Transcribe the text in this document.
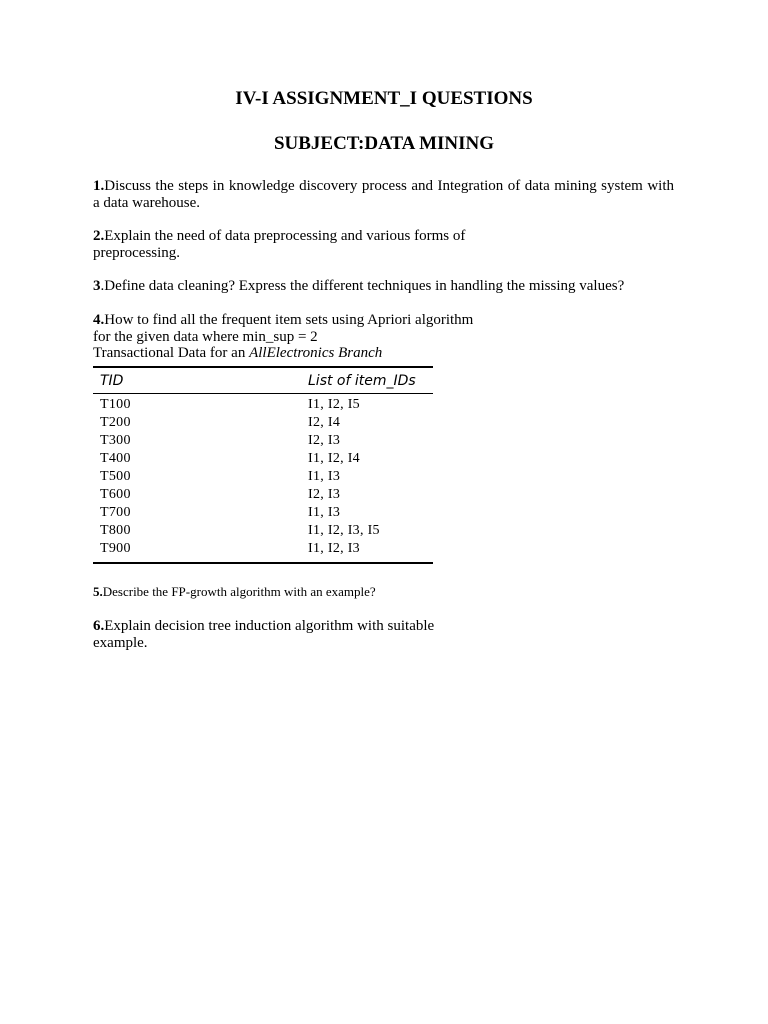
IV-I ASSIGNMENT_I QUESTIONS
SUBJECT:DATA MINING

1.Discuss the steps in knowledge discovery process and Integration of data mining system with a data warehouse.

2.Explain the need of data preprocessing and various forms of
preprocessing.

3.Define data cleaning? Express the different techniques in handling the missing values?

4.How to find all the frequent item sets using Apriori algorithm
for the given data where min_sup = 2
Transactional Data for an AllElectronics Branch

TID	List of item_IDs
T100	I1, I2, I5
T200	I2, I4
T300	I2, I3
T400	I1, I2, I4
T500	I1, I3
T600	I2, I3
T700	I1, I3
T800	I1, I2, I3, I5
T900	I1, I2, I3

5.Describe the FP-growth algorithm with an example?

6.Explain decision tree induction algorithm with suitable
example.
